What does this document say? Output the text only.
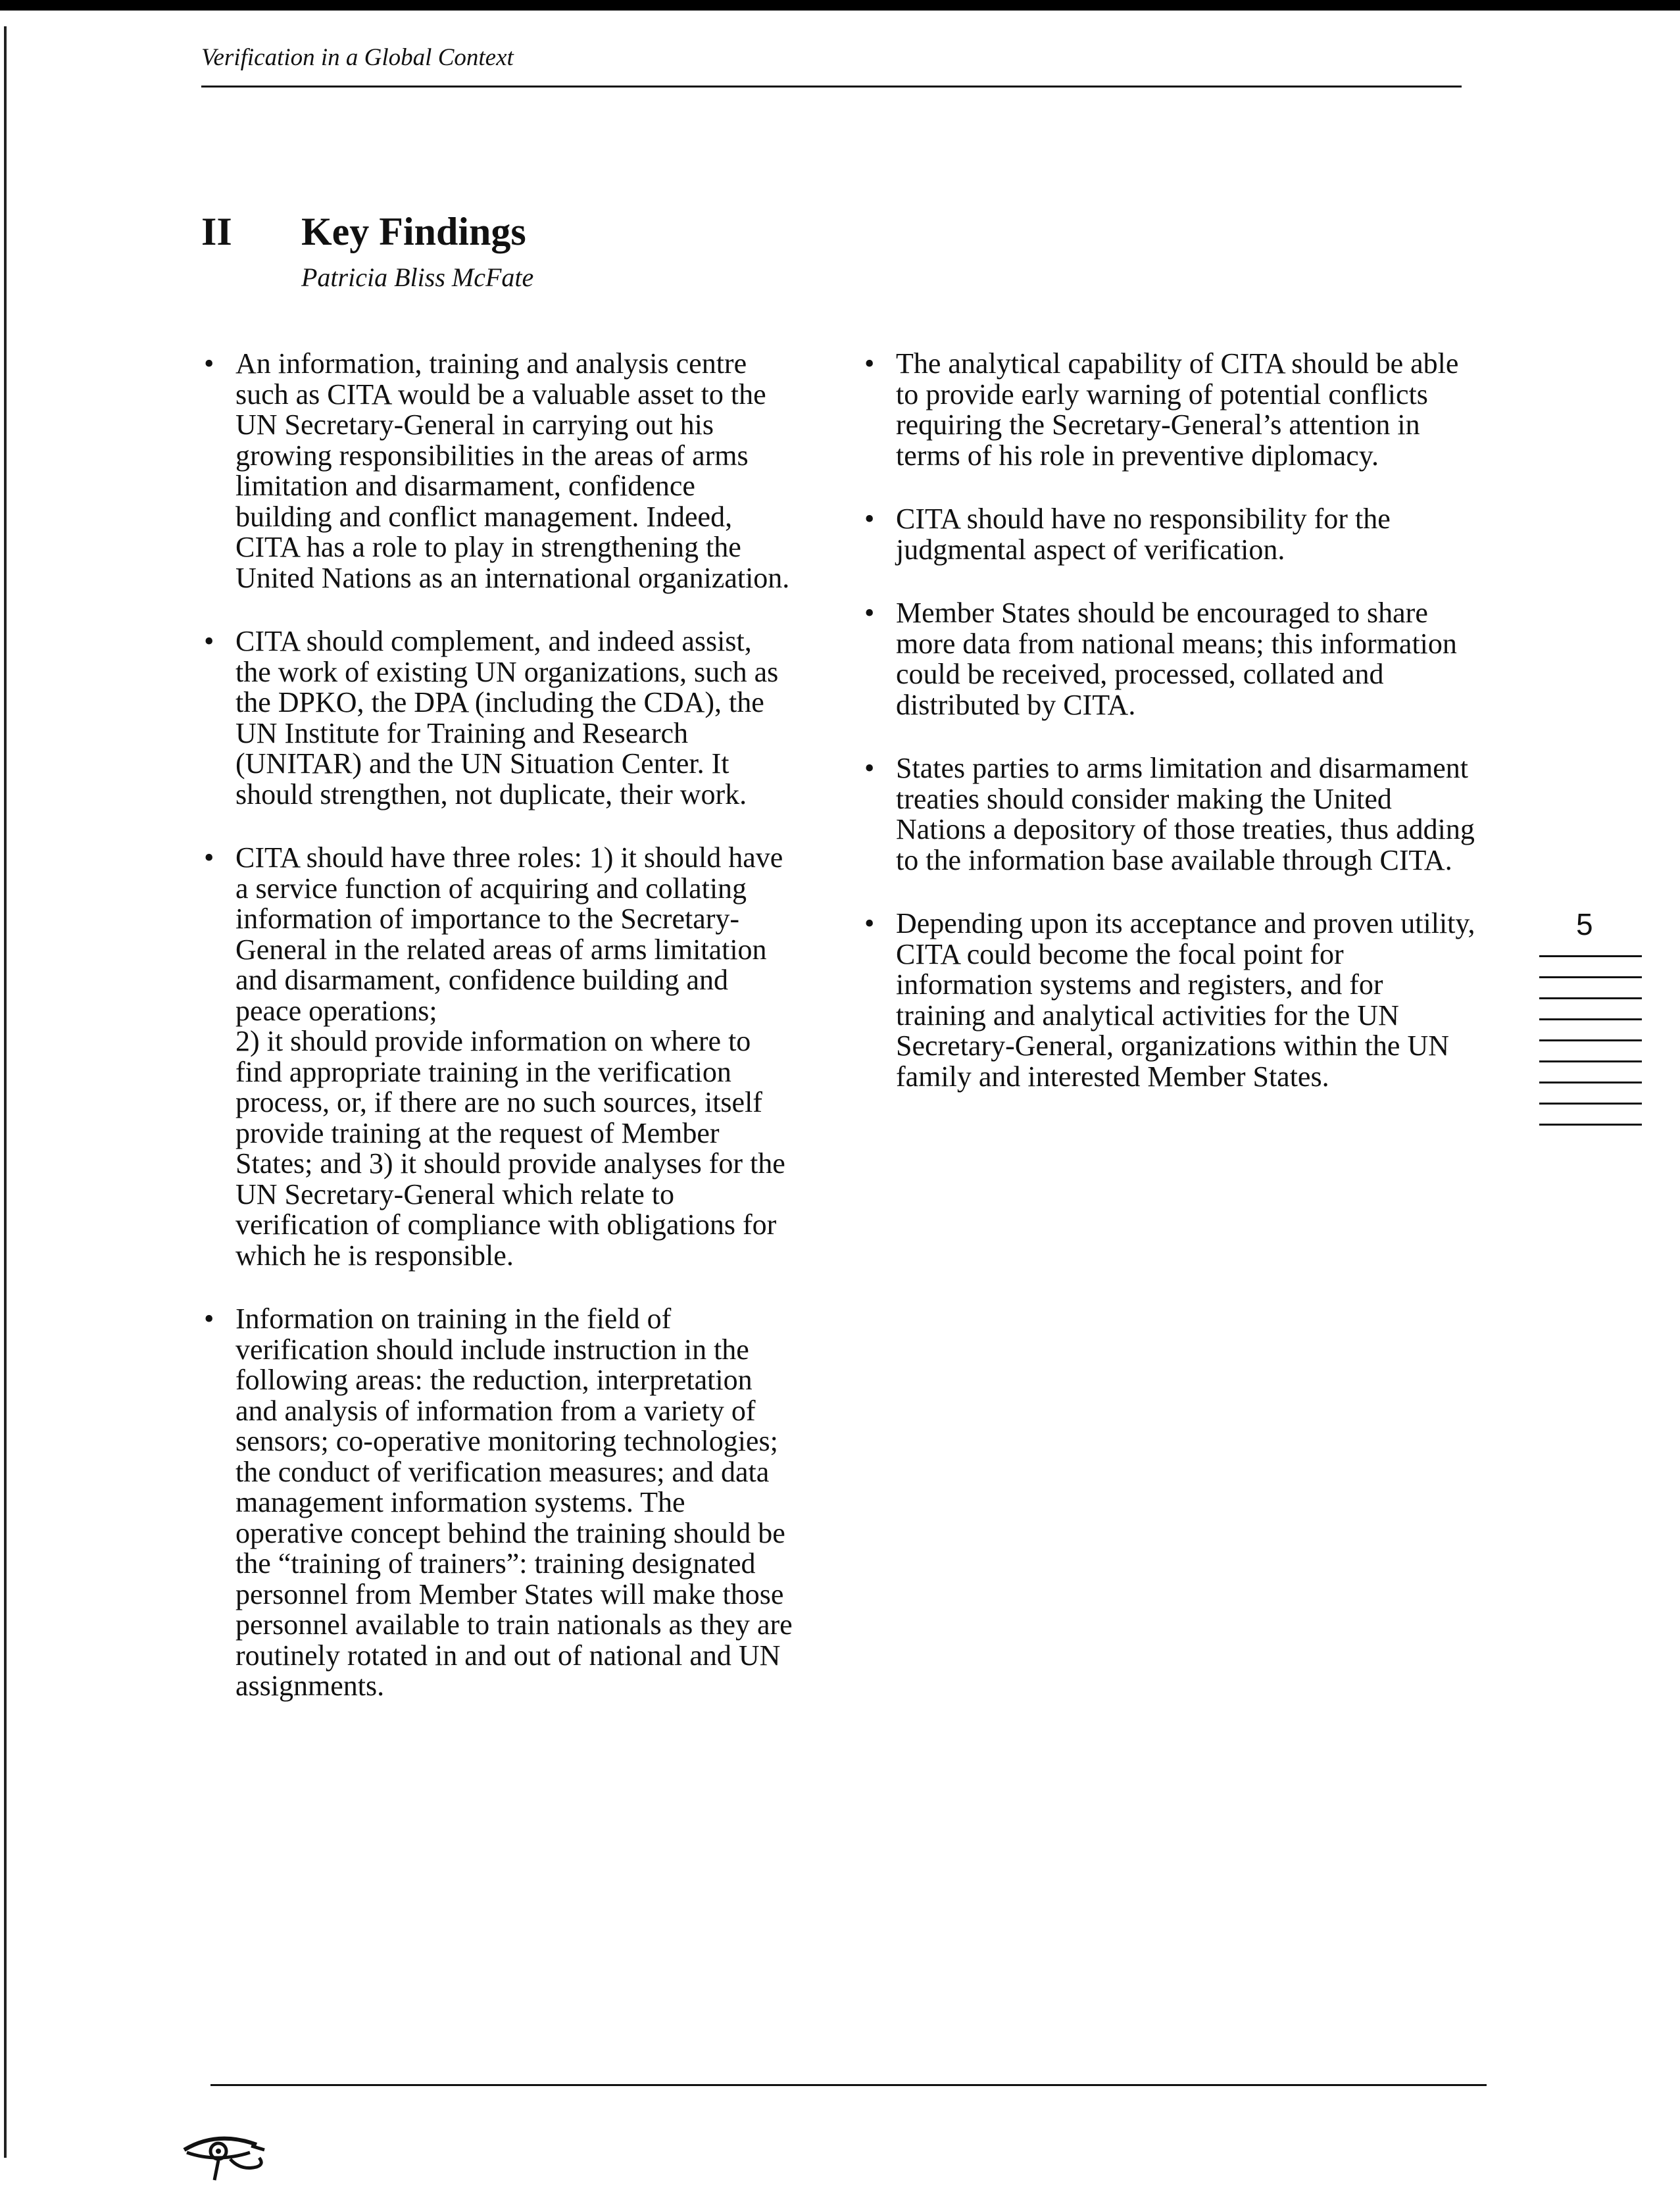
Verification in a Global Context
II Key Findings
Patricia Bliss McFate
• An information, training and analysis centre such as CITA would be a valuable asset to the UN Secretary-General in carrying out his growing responsibilities in the areas of arms limitation and disarmament, confidence building and conflict management. Indeed, CITA has a role to play in strengthening the United Nations as an international organization.
• CITA should complement, and indeed assist, the work of existing UN organizations, such as the DPKO, the DPA (including the CDA), the UN Institute for Training and Research (UNITAR) and the UN Situation Center. It should strengthen, not duplicate, their work.
• CITA should have three roles: 1) it should have a service function of acquiring and collating information of importance to the Secretary-General in the related areas of arms limitation and disarmament, confidence building and peace operations;
2) it should provide information on where to find appropriate training in the verification process, or, if there are no such sources, itself provide training at the request of Member States; and 3) it should provide analyses for the UN Secretary-General which relate to verification of compliance with obligations for which he is responsible.
• Information on training in the field of verification should include instruction in the following areas: the reduction, interpretation and analysis of information from a variety of sensors; co-operative monitoring technologies; the conduct of verification measures; and data management information systems. The operative concept behind the training should be the “training of trainers”: training designated personnel from Member States will make those personnel available to train nationals as they are routinely rotated in and out of national and UN assignments.
• The analytical capability of CITA should be able to provide early warning of potential conflicts requiring the Secretary-General’s attention in terms of his role in preventive diplomacy.
• CITA should have no responsibility for the judgmental aspect of verification.
• Member States should be encouraged to share more data from national means; this information could be received, processed, collated and distributed by CITA.
• States parties to arms limitation and disarmament treaties should consider making the United Nations a depository of those treaties, thus adding to the information base available through CITA.
• Depending upon its acceptance and proven utility, CITA could become the focal point for information systems and registers, and for training and analytical activities for the UN Secretary-General, organizations within the UN family and interested Member States.
5
